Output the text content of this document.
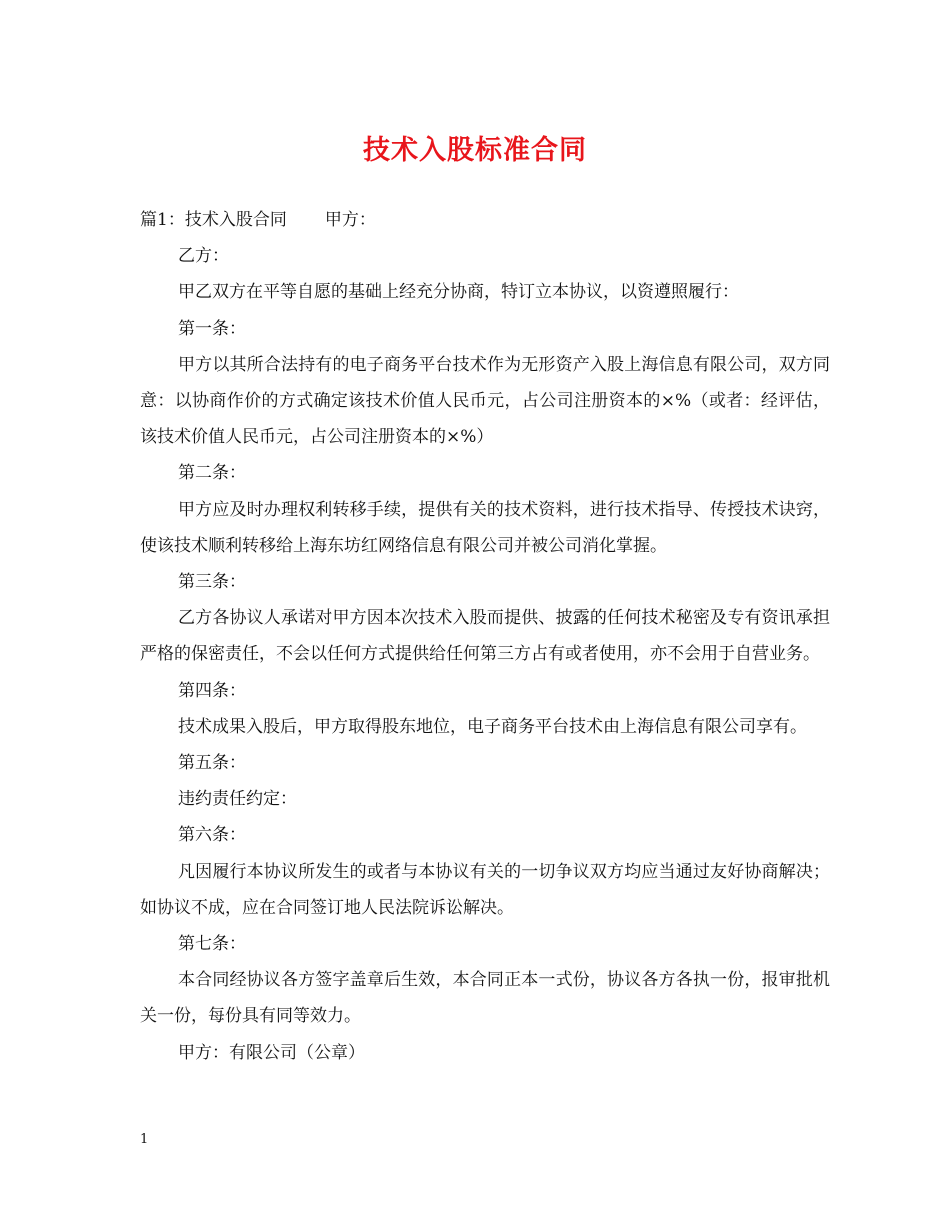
技术入股标准合同

篇1：技术入股合同 甲方：

乙方：

甲乙双方在平等自愿的基础上经充分协商，特订立本协议，以资遵照履行：

第一条：

甲方以其所合法持有的电子商务平台技术作为无形资产入股上海信息有限公司，双方同意：以协商作价的方式确定该技术价值人民币元，占公司注册资本的×%（或者：经评估，该技术价值人民币元，占公司注册资本的×%）

第二条：

甲方应及时办理权利转移手续，提供有关的技术资料，进行技术指导、传授技术诀窍，使该技术顺利转移给上海东坊红网络信息有限公司并被公司消化掌握。

第三条：

乙方各协议人承诺对甲方因本次技术入股而提供、披露的任何技术秘密及专有资讯承担严格的保密责任，不会以任何方式提供给任何第三方占有或者使用，亦不会用于自营业务。

第四条：

技术成果入股后，甲方取得股东地位，电子商务平台技术由上海信息有限公司享有。

第五条：

违约责任约定：

第六条：

凡因履行本协议所发生的或者与本协议有关的一切争议双方均应当通过友好协商解决；如协议不成，应在合同签订地人民法院诉讼解决。

第七条：

本合同经协议各方签字盖章后生效，本合同正本一式份，协议各方各执一份，报审批机关一份，每份具有同等效力。

甲方：有限公司（公章）

1
